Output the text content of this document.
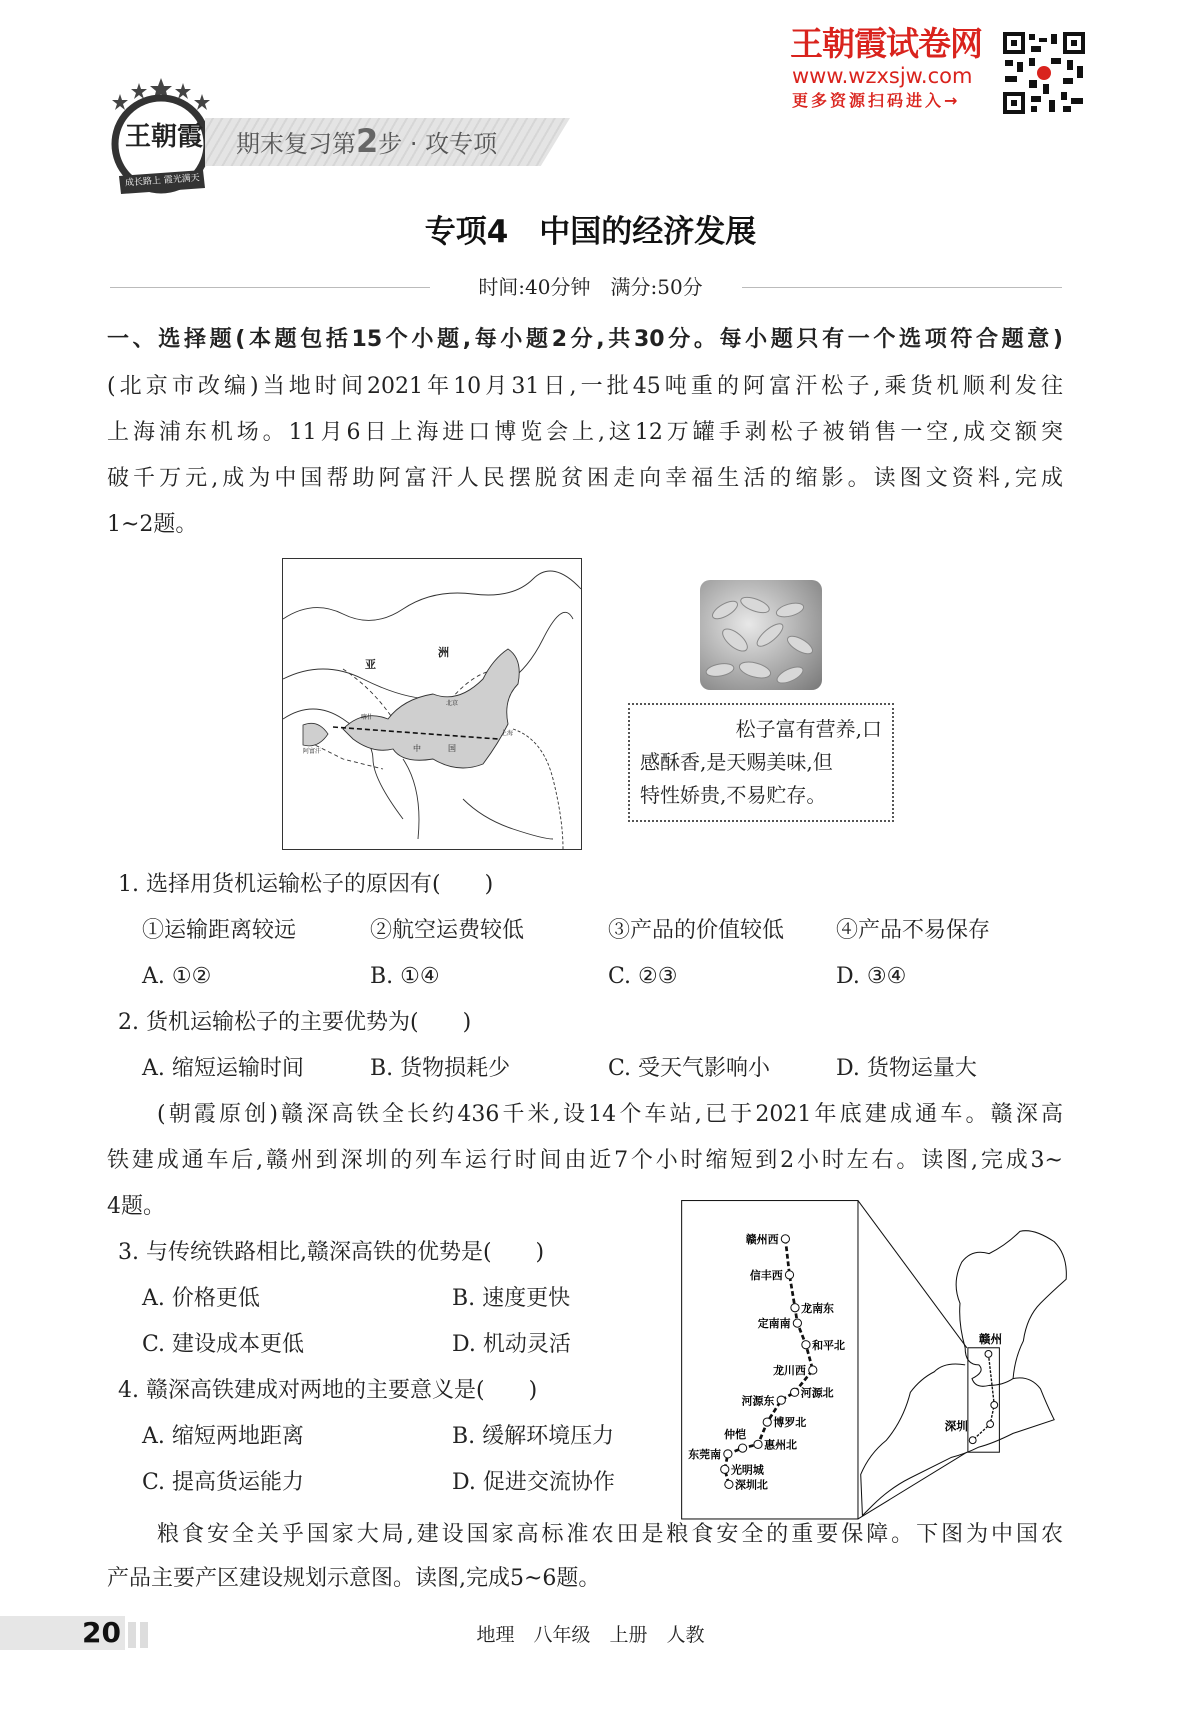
王朝霞
成长路上 霞光满天
期末复习第2步 · 攻专项
王朝霞试卷网
www.wzxsjw.com
更多资源扫码进入→
专项4　中国的经济发展
时间:40分钟　满分:50分
一、选择题(本题包括15个小题,每小题2分,共30分。每小题只有一个选项符合题意)
(北京市改编)当地时间2021年10月31日,一批45吨重的阿富汗松子,乘货机顺利发往
上海浦东机场。11月6日上海进口博览会上,这12万罐手剥松子被销售一空,成交额突
破千万元,成为中国帮助阿富汗人民摆脱贫困走向幸福生活的缩影。读图文资料,完成
1~2题。
亚
洲
中	国
北京
上海
阿富汗
喀什	松子富有营养,口
感酥香,是天赐美味,但
特性娇贵,不易贮存。
1. 选择用货机运输松子的原因有(　　)
①运输距离较远	②航空运费较低	③产品的价值较低 ④产品不易保存
A. ①②	B. ①④	C. ②③	D. ③④
2. 货机运输松子的主要优势为(　　)
A. 缩短运输时间	B. 货物损耗少	C. 受天气影响小	D. 货物运量大
(朝霞原创)赣深高铁全长约436千米,设14个车站,已于2021年底建成通车。赣深高
铁建成通车后,赣州到深圳的列车运行时间由近7个小时缩短到2小时左右。读图,完成3~
4题。
3. 与传统铁路相比,赣深高铁的优势是(　　)
A. 价格更低	B. 速度更快
C. 建设成本更低	D. 机动灵活
4. 赣深高铁建成对两地的主要意义是(　　)
A. 缩短两地距离	B. 缓解环境压力
C. 提高货运能力	D. 促进交流协作
赣州西
信丰西
龙南东
定南南
和平北
龙川西
河源北
河源东
博罗北
惠州北
仲恺
东莞南
光明城
深圳北
赣州
深圳
粮食安全关乎国家大局,建设国家高标准农田是粮食安全的重要保障。下图为中国农
产品主要产区建设规划示意图。读图,完成5~6题。
20	地理　八年级　上册　人教
